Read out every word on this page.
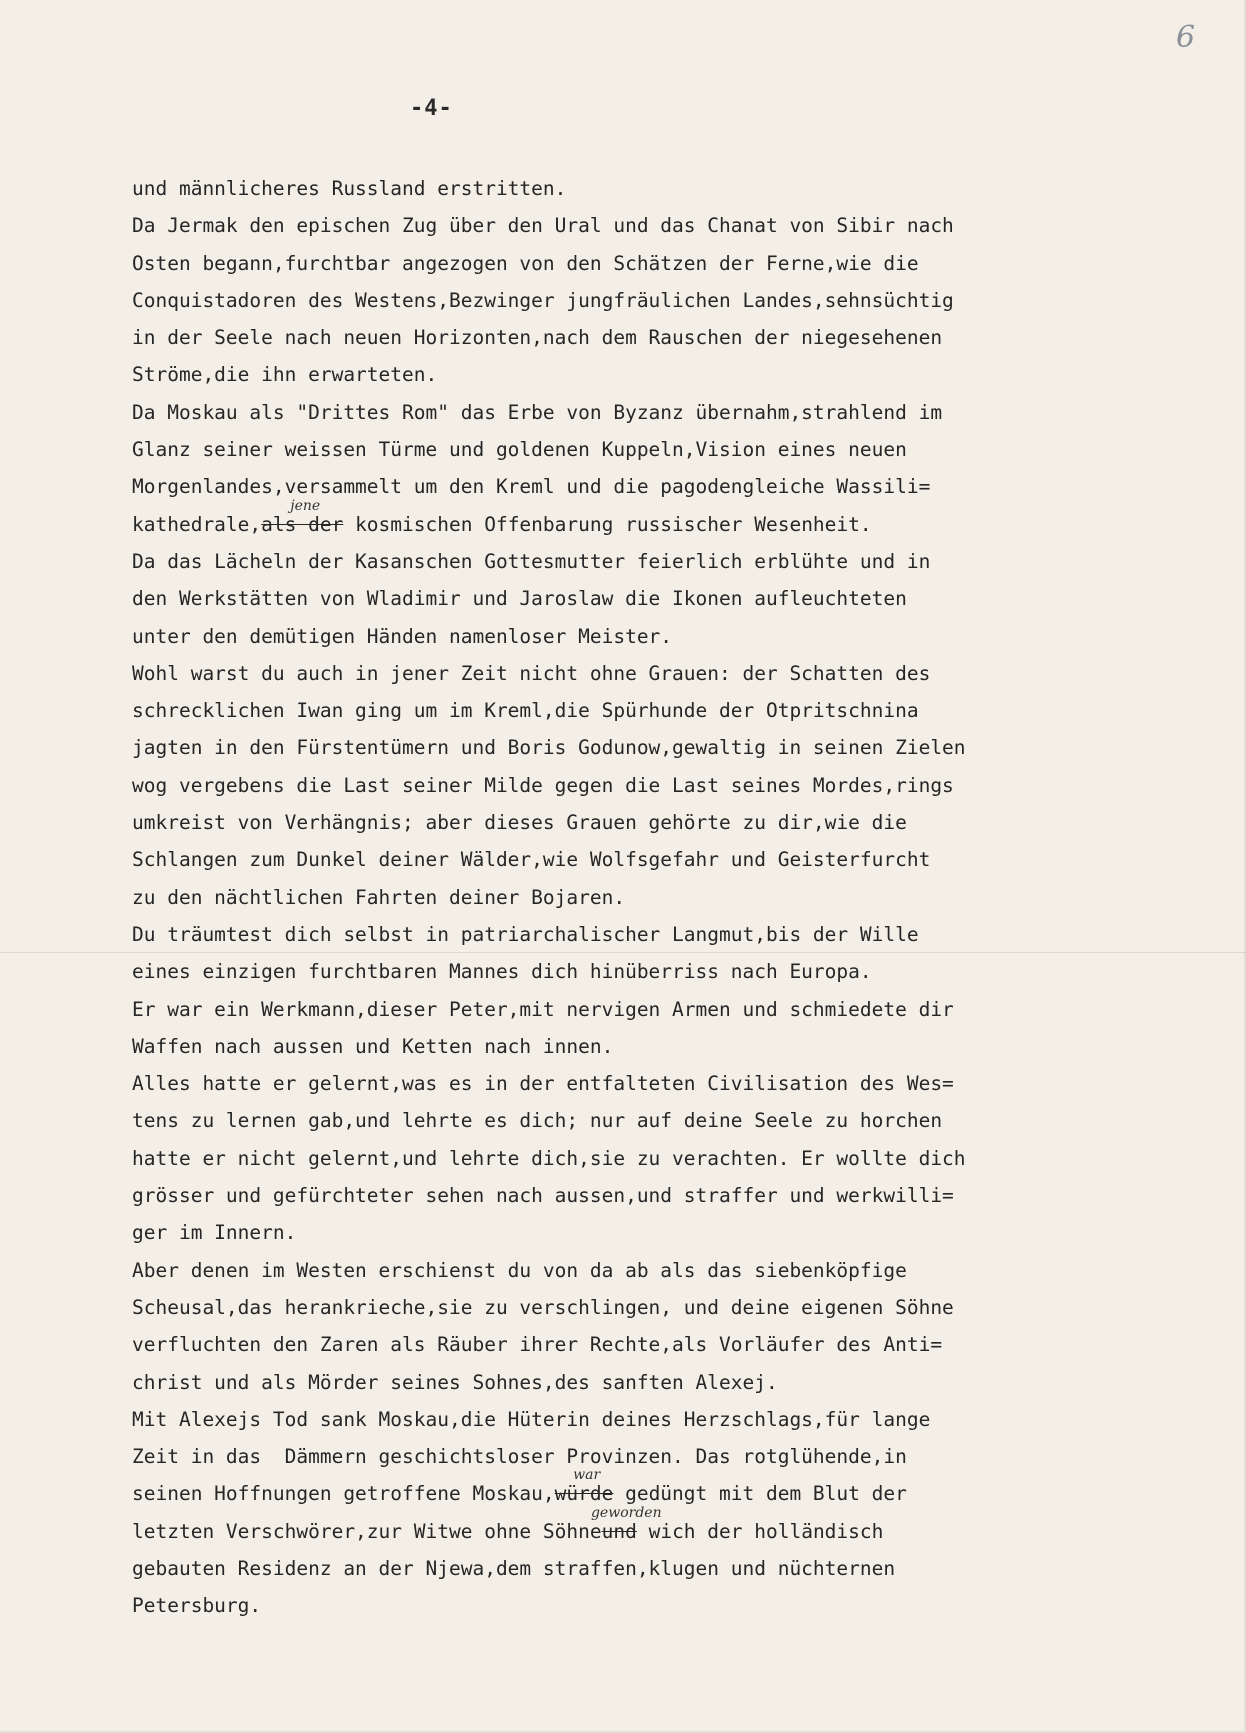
6
-4-
und männlicheres Russland erstritten.
Da Jermak den epischen Zug über den Ural und das Chanat von Sibir nach
Osten begann,furchtbar angezogen von den Schätzen der Ferne,wie die
Conquistadoren des Westens,Bezwinger jungfräulichen Landes,sehnsüchtig
in der Seele nach neuen Horizonten,nach dem Rauschen der niegesehenen
Ströme,die ihn erwarteten.
Da Moskau als "Drittes Rom" das Erbe von Byzanz übernahm,strahlend im
Glanz seiner weissen Türme und goldenen Kuppeln,Vision eines neuen
Morgenlandes,versammelt um den Kreml und die pagodengleiche Wassili=
kathedrale,als der
jene
kosmischen Offenbarung russischer Wesenheit.
Da das Lächeln der Kasanschen Gottesmutter feierlich erblühte und in
den Werkstätten von Wladimir und Jaroslaw die Ikonen aufleuchteten
unter den demütigen Händen namenloser Meister.
Wohl warst du auch in jener Zeit nicht ohne Grauen: der Schatten des
schrecklichen Iwan ging um im Kreml,die Spürhunde der Otpritschnina
jagten in den Fürstentümern und Boris Godunow,gewaltig in seinen Zielen
wog vergebens die Last seiner Milde gegen die Last seines Mordes,rings
umkreist von Verhängnis; aber dieses Grauen gehörte zu dir,wie die
Schlangen zum Dunkel deiner Wälder,wie Wolfsgefahr und Geisterfurcht
zu den nächtlichen Fahrten deiner Bojaren.
Du träumtest dich selbst in patriarchalischer Langmut,bis der Wille
eines einzigen furchtbaren Mannes dich hinüberriss nach Europa.
Er war ein Werkmann,dieser Peter,mit nervigen Armen und schmiedete dir
Waffen nach aussen und Ketten nach innen.
Alles hatte er gelernt,was es in der entfalteten Civilisation des Wes=
tens zu lernen gab,und lehrte es dich; nur auf deine Seele zu horchen
hatte er nicht gelernt,und lehrte dich,sie zu verachten. Er wollte dich
grösser und gefürchteter sehen nach aussen,und straffer und werkwilli=
ger im Innern.
Aber denen im Westen erschienst du von da ab als das siebenköpfige
Scheusal,das herankrieche,sie zu verschlingen, und deine eigenen Söhne
verfluchten den Zaren als Räuber ihrer Rechte,als Vorläufer des Anti=
christ und als Mörder seines Sohnes,des sanften Alexej.
Mit Alexejs Tod sank Moskau,die Hüterin deines Herzschlags,für lange
Zeit in das  Dämmern geschichtsloser Provinzen. Das rotglühende,in
seinen Hoffnungen getroffene Moskau,würde
war
gedüngt mit dem Blut der
letzten Verschwörer,zur Witwe ohne Söhneund
geworden
wich der holländisch
gebauten Residenz an der Njewa,dem straffen,klugen und nüchternen
Petersburg.
